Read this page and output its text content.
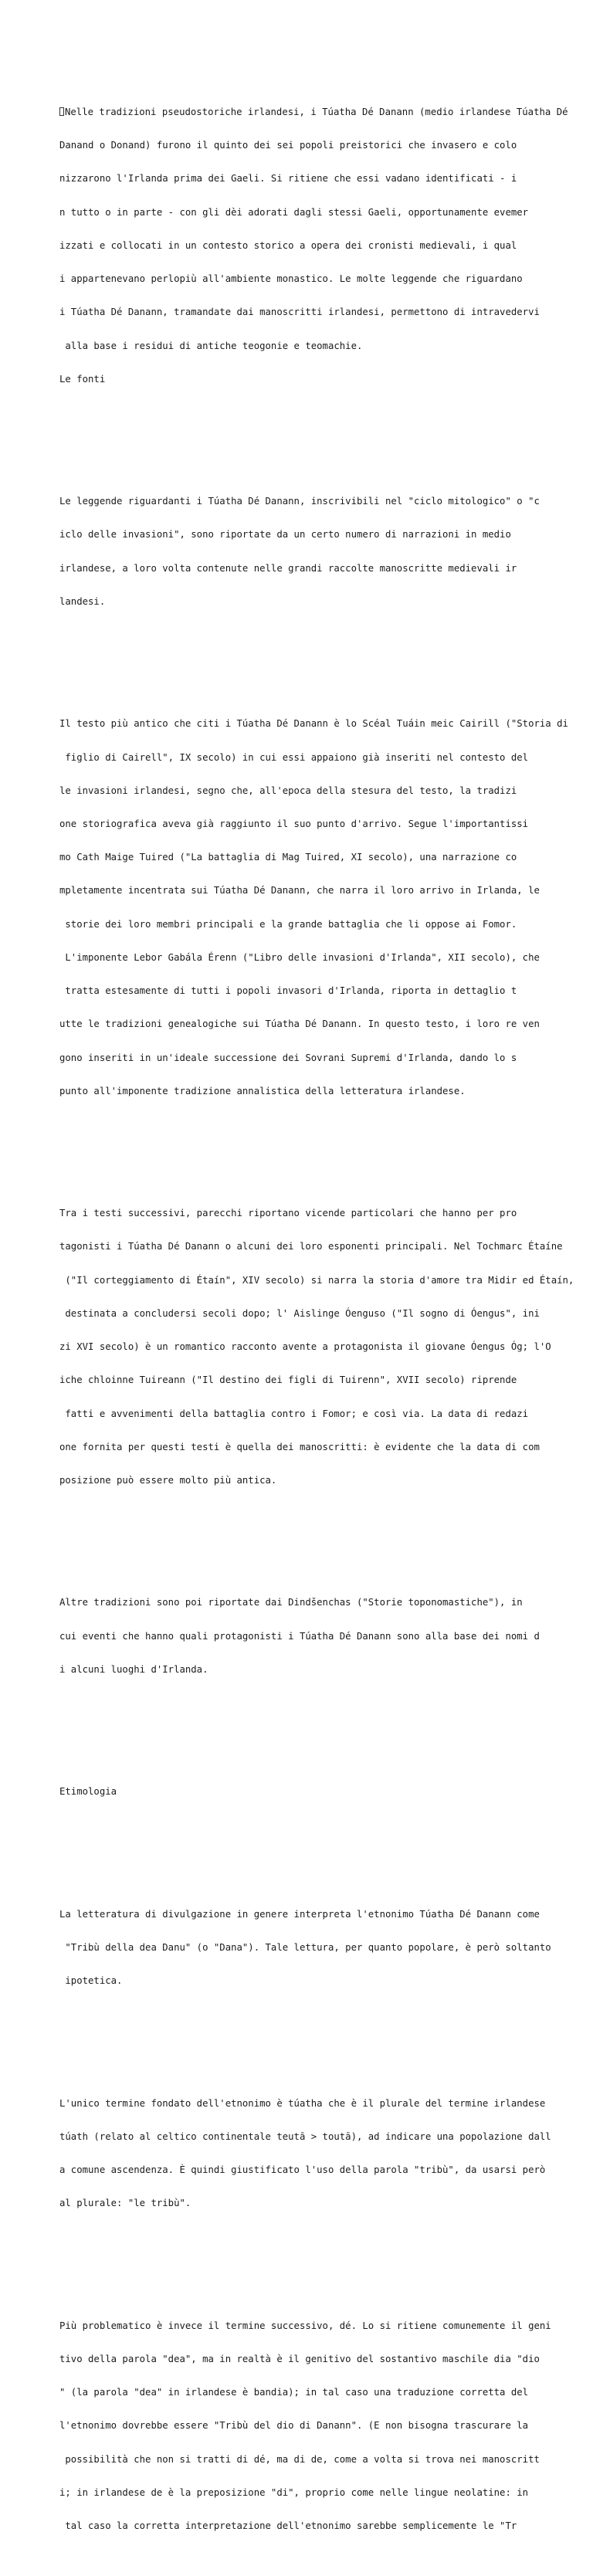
Nelle tradizioni pseudostoriche irlandesi, i Túatha Dé Danann (medio irlandese Túatha Dé

Danand o Donand) furono il quinto dei sei popoli preistorici che invasero e colo

nizzarono l'Irlanda prima dei Gaeli. Si ritiene che essi vadano identificati - i

n tutto o in parte - con gli dèi adorati dagli stessi Gaeli, opportunamente evemer

izzati e collocati in un contesto storico a opera dei cronisti medievali, i qual

i appartenevano perlopiù all'ambiente monastico. Le molte leggende che riguardano

i Túatha Dé Danann, tramandate dai manoscritti irlandesi, permettono di intravedervi

alla base i residui di antiche teogonie e teomachie.

Le fonti

Le leggende riguardanti i Túatha Dé Danann, inscrivibili nel "ciclo mitologico" o "c

iclo delle invasioni", sono riportate da un certo numero di narrazioni in medio

irlandese, a loro volta contenute nelle grandi raccolte manoscritte medievali ir

landesi.

Il testo più antico che citi i Túatha Dé Danann è lo Scéal Tuáin meic Cairill ("Storia di

figlio di Cairell", IX secolo) in cui essi appaiono già inseriti nel contesto del

le invasioni irlandesi, segno che, all'epoca della stesura del testo, la tradizi

one storiografica aveva già raggiunto il suo punto d'arrivo. Segue l'importantissi

mo Cath Maige Tuired ("La battaglia di Mag Tuired, XI secolo), una narrazione co

mpletamente incentrata sui Túatha Dé Danann, che narra il loro arrivo in Irlanda, le

storie dei loro membri principali e la grande battaglia che li oppose ai Fomor.

L'imponente Lebor Gabála Érenn ("Libro delle invasioni d'Irlanda", XII secolo), che

tratta estesamente di tutti i popoli invasori d'Irlanda, riporta in dettaglio t

utte le tradizioni genealogiche sui Túatha Dé Danann. In questo testo, i loro re ven

gono inseriti in un'ideale successione dei Sovrani Supremi d'Irlanda, dando lo s

punto all'imponente tradizione annalistica della letteratura irlandese.

Tra i testi successivi, parecchi riportano vicende particolari che hanno per pro

tagonisti i Túatha Dé Danann o alcuni dei loro esponenti principali. Nel Tochmarc Étaíne

("Il corteggiamento di Étaín", XIV secolo) si narra la storia d'amore tra Midir ed Étaín,

destinata a concludersi secoli dopo; l' Aislinge Óenguso ("Il sogno di Óengus", ini

zi XVI secolo) è un romantico racconto avente a protagonista il giovane Óengus Óg; l'O

iche chloinne Tuireann ("Il destino dei figli di Tuirenn", XVII secolo) riprende

fatti e avvenimenti della battaglia contro i Fomor; e così via. La data di redazi

one fornita per questi testi è quella dei manoscritti: è evidente che la data di com

posizione può essere molto più antica.

Altre tradizioni sono poi riportate dai Dindšenchas ("Storie toponomastiche"), in

cui eventi che hanno quali protagonisti i Túatha Dé Danann sono alla base dei nomi d

i alcuni luoghi d'Irlanda.

Etimologia

La letteratura di divulgazione in genere interpreta l'etnonimo Túatha Dé Danann come

"Tribù della dea Danu" (o "Dana"). Tale lettura, per quanto popolare, è però soltanto

ipotetica.

L'unico termine fondato dell'etnonimo è túatha che è il plurale del termine irlandese

túath (relato al celtico continentale teutā > toutā), ad indicare una popolazione dall

a comune ascendenza. È quindi giustificato l'uso della parola "tribù", da usarsi però

al plurale: "le tribù".

Più problematico è invece il termine successivo, dé. Lo si ritiene comunemente il geni

tivo della parola "dea", ma in realtà è il genitivo del sostantivo maschile dia "dio

" (la parola "dea" in irlandese è bandia); in tal caso una traduzione corretta del

l'etnonimo dovrebbe essere "Tribù del dio di Danann". (E non bisogna trascurare la

possibilità che non si tratti di dé, ma di de, come a volta si trova nei manoscritt

i; in irlandese de è la preposizione "di", proprio come nelle lingue neolatine: in

tal caso la corretta interpretazione dell'etnonimo sarebbe semplicemente le "Tr
